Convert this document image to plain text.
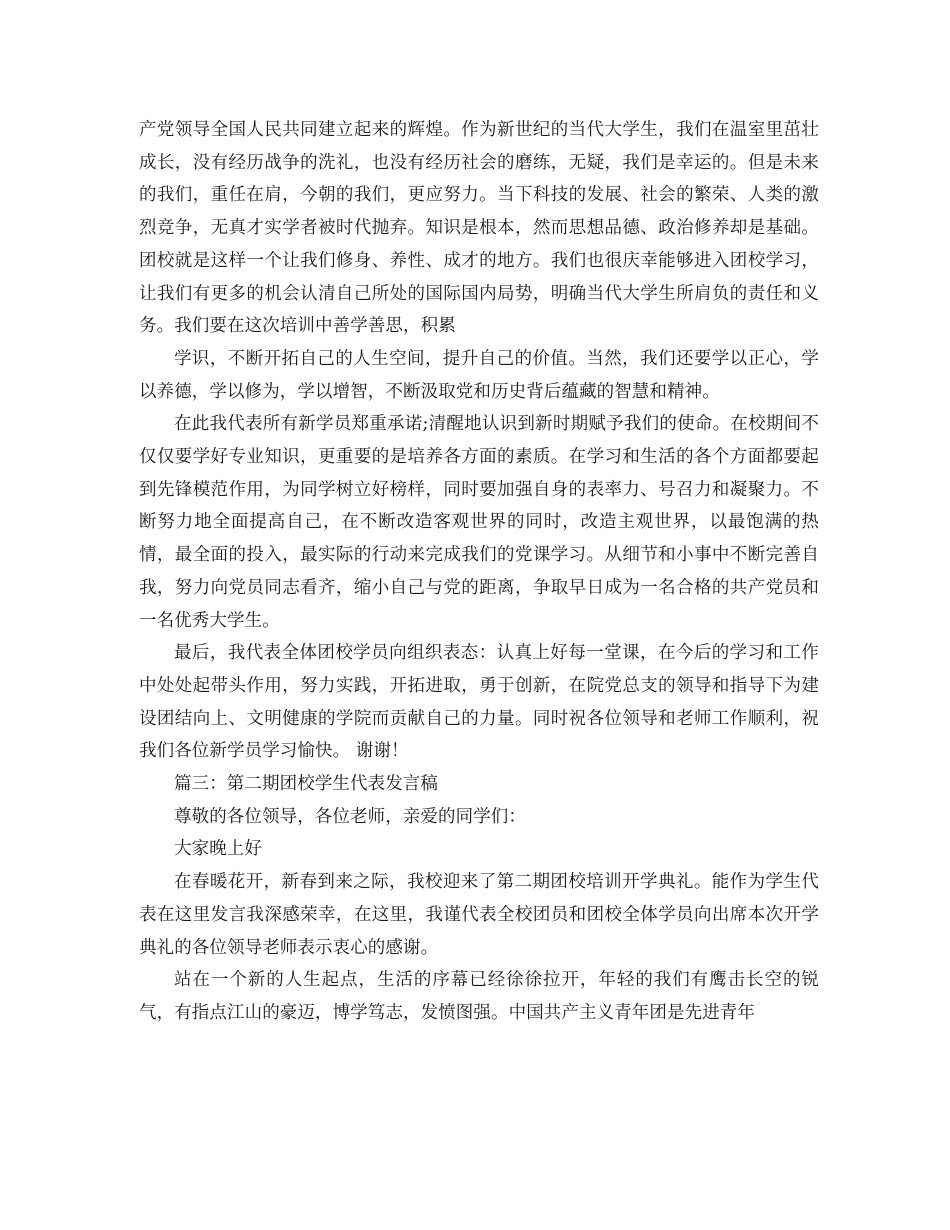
产党领导全国人民共同建立起来的辉煌。作为新世纪的当代大学生，我们在温室里茁壮成长，没有经历战争的洗礼，也没有经历社会的磨练，无疑，我们是幸运的。但是未来的我们，重任在肩，今朝的我们，更应努力。当下科技的发展、社会的繁荣、人类的激烈竞争，无真才实学者被时代抛弃。知识是根本，然而思想品德、政治修养却是基础。团校就是这样一个让我们修身、养性、成才的地方。我们也很庆幸能够进入团校学习，让我们有更多的机会认清自己所处的国际国内局势，明确当代大学生所肩负的责任和义务。我们要在这次培训中善学善思，积累

学识，不断开拓自己的人生空间，提升自己的价值。当然，我们还要学以正心，学以养德，学以修为，学以增智，不断汲取党和历史背后蕴藏的智慧和精神。

在此我代表所有新学员郑重承诺;清醒地认识到新时期赋予我们的使命。在校期间不仅仅要学好专业知识，更重要的是培养各方面的素质。在学习和生活的各个方面都要起到先锋模范作用，为同学树立好榜样，同时要加强自身的表率力、号召力和凝聚力。不断努力地全面提高自己，在不断改造客观世界的同时，改造主观世界，以最饱满的热情，最全面的投入，最实际的行动来完成我们的党课学习。从细节和小事中不断完善自我，努力向党员同志看齐，缩小自己与党的距离，争取早日成为一名合格的共产党员和一名优秀大学生。

最后，我代表全体团校学员向组织表态：认真上好每一堂课，在今后的学习和工作中处处起带头作用，努力实践，开拓进取，勇于创新，在院党总支的领导和指导下为建设团结向上、文明健康的学院而贡献自己的力量。同时祝各位领导和老师工作顺利，祝我们各位新学员学习愉快。 谢谢！

篇三：第二期团校学生代表发言稿

尊敬的各位领导，各位老师，亲爱的同学们：

大家晚上好

在春暖花开，新春到来之际，我校迎来了第二期团校培训开学典礼。能作为学生代表在这里发言我深感荣幸，在这里，我谨代表全校团员和团校全体学员向出席本次开学典礼的各位领导老师表示衷心的感谢。

站在一个新的人生起点，生活的序幕已经徐徐拉开，年轻的我们有鹰击长空的锐气，有指点江山的豪迈，博学笃志，发愤图强。中国共产主义青年团是先进青年
